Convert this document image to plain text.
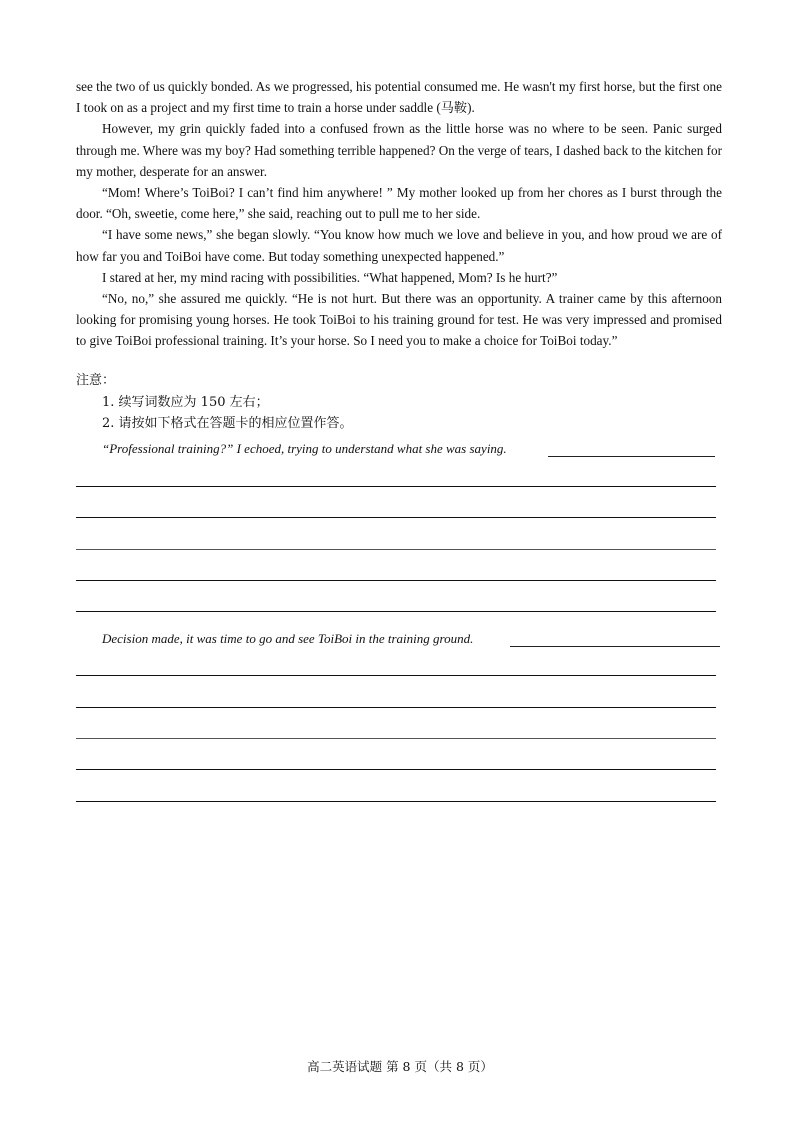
see the two of us quickly bonded. As we progressed, his potential consumed me. He wasn't my first horse, but the first one I took on as a project and my first time to train a horse under saddle (马鞍).

However, my grin quickly faded into a confused frown as the little horse was no where to be seen. Panic surged through me. Where was my boy? Had something terrible happened? On the verge of tears, I dashed back to the kitchen for my mother, desperate for an answer.

“Mom! Where’s ToiBoi? I can’t find him anywhere! ” My mother looked up from her chores as I burst through the door. “Oh, sweetie, come here,” she said, reaching out to pull me to her side.

“I have some news,” she began slowly. “You know how much we love and believe in you, and how proud we are of how far you and ToiBoi have come. But today something unexpected happened.”

I stared at her, my mind racing with possibilities. “What happened, Mom? Is he hurt?”

“No, no,” she assured me quickly. “He is not hurt. But there was an opportunity. A trainer came by this afternoon looking for promising young horses. He took ToiBoi to his training ground for test. He was very impressed and promised to give ToiBoi professional training. It’s your horse. So I need you to make a choice for ToiBoi today.”

注意：
1. 续写词数应为 150 左右；
2. 请按如下格式在答题卡的相应位置作答。
“Professional training?” I echoed, trying to understand what she was saying.
Decision made, it was time to go and see ToiBoi in the training ground.
高二英语试题 第 8 页（共 8 页）
